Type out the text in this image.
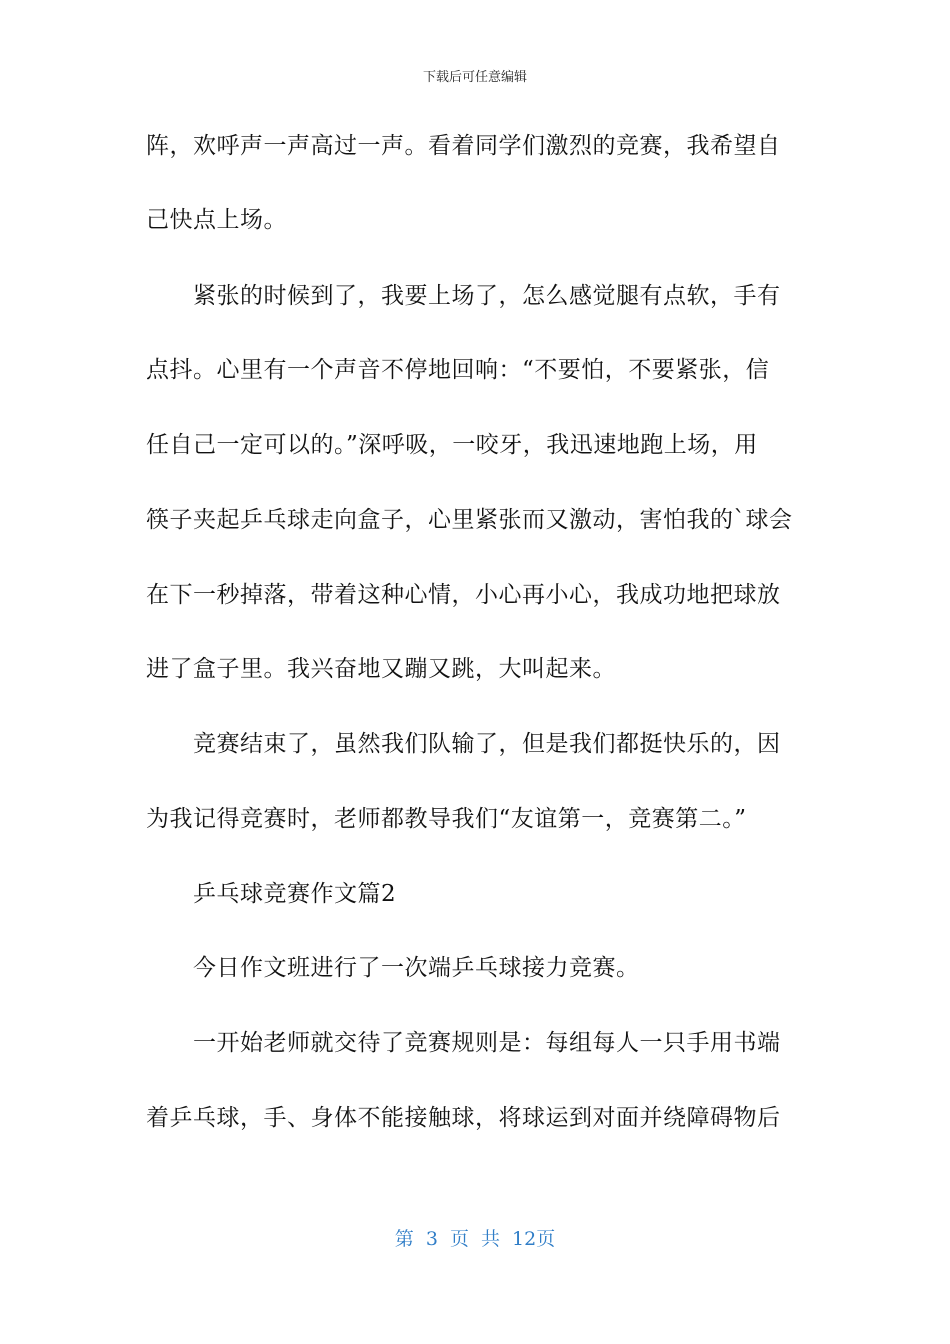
下载后可任意编辑
阵，欢呼声一声高过一声。看着同学们激烈的竞赛，我希望自
己快点上场。
紧张的时候到了，我要上场了，怎么感觉腿有点软，手有
点抖。心里有一个声音不停地回响：“不要怕，不要紧张，信
任自己一定可以的。”深呼吸，一咬牙，我迅速地跑上场，用
筷子夹起乒乓球走向盒子，心里紧张而又激动，害怕我的`球会
在下一秒掉落，带着这种心情，小心再小心，我成功地把球放
进了盒子里。我兴奋地又蹦又跳，大叫起来。
竞赛结束了，虽然我们队输了，但是我们都挺快乐的，因
为我记得竞赛时，老师都教导我们“友谊第一，竞赛第二。”
乒乓球竞赛作文篇2
今日作文班进行了一次端乒乓球接力竞赛。
一开始老师就交待了竞赛规则是：每组每人一只手用书端
着乒乓球，手、身体不能接触球，将球运到对面并绕障碍物后
第 3 页 共 12页
